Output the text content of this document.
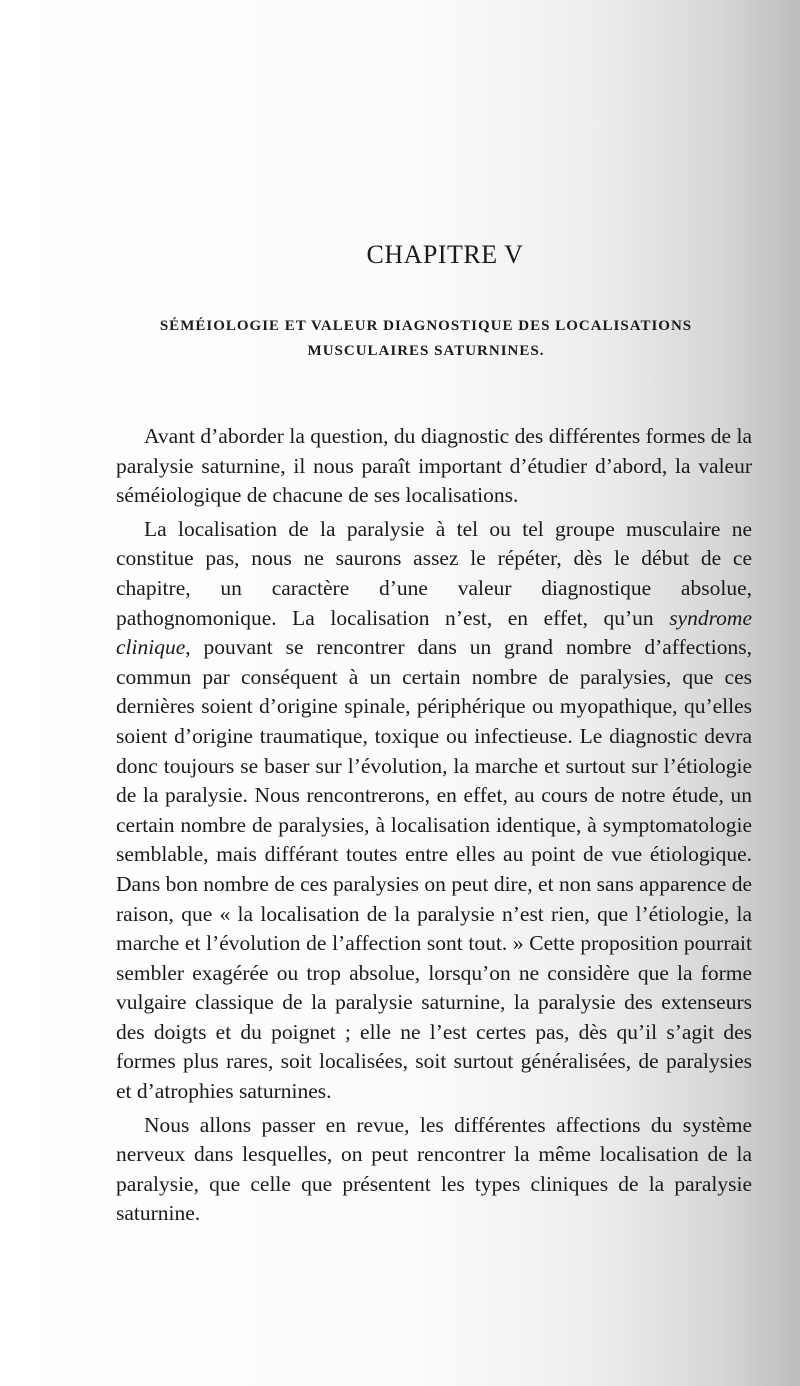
CHAPITRE V
SÉMÉIOLOGIE ET VALEUR DIAGNOSTIQUE DES LOCALISATIONS
MUSCULAIRES SATURNINES.

Avant d’aborder la question, du diagnostic des différentes formes de la paralysie saturnine, il nous paraît important d’étudier d’abord, la valeur séméiologique de chacune de ses localisations.

La localisation de la paralysie à tel ou tel groupe musculaire ne constitue pas, nous ne saurons assez le répéter, dès le début de ce chapitre, un caractère d’une valeur diagnostique absolue, pathognomonique. La localisation n’est, en effet, qu’un syndrome clinique, pouvant se rencontrer dans un grand nombre d’affections, commun par conséquent à un certain nombre de paralysies, que ces dernières soient d’origine spinale, périphérique ou myopathique, qu’elles soient d’origine traumatique, toxique ou infectieuse. Le diagnostic devra donc toujours se baser sur l’évolution, la marche et surtout sur l’étiologie de la paralysie. Nous rencontrerons, en effet, au cours de notre étude, un certain nombre de paralysies, à localisation identique, à symptomatologie semblable, mais différant toutes entre elles au point de vue étiologique. Dans bon nombre de ces paralysies on peut dire, et non sans apparence de raison, que « la localisation de la paralysie n’est rien, que l’étiologie, la marche et l’évolution de l’affection sont tout. » Cette proposition pourrait sembler exagérée ou trop absolue, lorsqu’on ne considère que la forme vulgaire classique de la paralysie saturnine, la paralysie des extenseurs des doigts et du poignet ; elle ne l’est certes pas, dès qu’il s’agit des formes plus rares, soit localisées, soit surtout généralisées, de paralysies et d’atrophies saturnines.

Nous allons passer en revue, les différentes affections du système nerveux dans lesquelles, on peut rencontrer la même localisation de la paralysie, que celle que présentent les types cliniques de la paralysie saturnine.
